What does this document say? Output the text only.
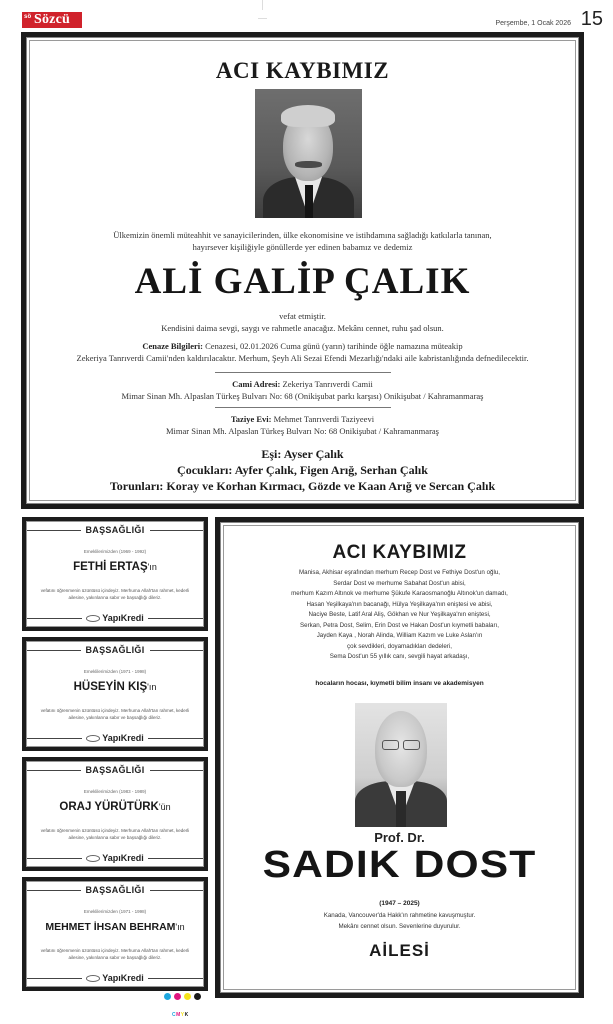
sö Sözcü	Perşembe, 1 Ocak 2026 15
ACI KAYBIMIZ
Ülkemizin önemli müteahhit ve sanayicilerinden, ülke ekonomisine ve istihdamına sağladığı katkılarla tanınan,
hayırsever kişiliğiyle gönüllerde yer edinen babamız ve dedemiz
ALİ GALİP ÇALIK
vefat etmiştir.
Kendisini daima sevgi, saygı ve rahmetle anacağız. Mekânı cennet, ruhu şad olsun.
Cenaze Bilgileri: Cenazesi, 02.01.2026 Cuma günü (yarın) tarihinde öğle namazına müteakip
Zekeriya Tanrıverdi Camii'nden kaldırılacaktır. Merhum, Şeyh Ali Sezai Efendi Mezarlığı'ndaki aile kabristanlığında defnedilecektir.
Cami Adresi: Zekeriya Tanrıverdi Camii
Mimar Sinan Mh. Alpaslan Türkeş Bulvarı No: 68 (Onikişubat parkı karşısı) Onikişubat / Kahramanmaraş
Taziye Evi: Mehmet Tanrıverdi Taziyeevi
Mimar Sinan Mh. Alpaslan Türkeş Bulvarı No: 68 Onikişubat / Kahramanmaraş
Eşi: Ayser Çalık
Çocukları: Ayfer Çalık, Figen Arığ, Serhan Çalık
Torunları: Koray ve Korhan Kırmacı, Gözde ve Kaan Arığ ve Sercan Çalık
BAŞSAĞLIĞI
Emeklilerimizden (1969 - 1992)
FETHİ ERTAŞ'ın
vefatını öğrenmenin üzüntüsü içindeyiz. Merhuma Allah'tan rahmet, kederli ailesine, yakınlarına sabır ve başsağlığı dileriz.
YapıKredi
BAŞSAĞLIĞI
Emeklilerimizden (1971 - 1998)
HÜSEYİN KIŞ'ın
vefatını öğrenmenin üzüntüsü içindeyiz. Merhuma Allah'tan rahmet, kederli ailesine, yakınlarına sabır ve başsağlığı dileriz.
YapıKredi
BAŞSAĞLIĞI
Emeklilerimizden (1983 - 1989)
ORAJ YÜRÜTÜRK'ün
vefatını öğrenmenin üzüntüsü içindeyiz. Merhuma Allah'tan rahmet, kederli ailesine, yakınlarına sabır ve başsağlığı dileriz.
YapıKredi
BAŞSAĞLIĞI
Emeklilerimizden (1971 - 1998)
MEHMET İHSAN BEHRAM'ın
vefatını öğrenmenin üzüntüsü içindeyiz. Merhuma Allah'tan rahmet, kederli ailesine, yakınlarına sabır ve başsağlığı dileriz.
YapıKredi
ACI KAYBIMIZ
Manisa, Akhisar eşrafından merhum Recep Dost ve Fethiye Dost'un oğlu,
Serdar Dost ve merhume Sabahat Dost'un abisi,
merhum Kazım Altınok ve merhume Şükufe Karaosmanoğlu Altınok'un damadı,
Hasan Yeşilkaya'nın bacanağı, Hülya Yeşilkaya'nın eniştesi ve abisi,
Naciye Beste, Latif Aral Aliş, Gökhan ve Nur Yeşilkaya'nın eniştesi,
Serkan, Petra Dost, Selim, Erin Dost ve Hakan Dost'un kıymetli babaları,
Jayden Kaya , Norah Alinda, William Kazım ve Luke Aslan'ın
çok sevdikleri, doyamadıkları dedeleri,
Sema Dost'un 55 yıllık canı, sevgili hayat arkadaşı,
hocaların hocası, kıymetli bilim insanı ve akademisyen
Prof. Dr.
SADIK DOST
(1947 – 2025)
Kanada, Vancouver'da Hakk'ın rahmetine kavuşmuştur.
Mekânı cennet olsun. Sevenlerine duyurulur.
AİLESİ
CMYK
